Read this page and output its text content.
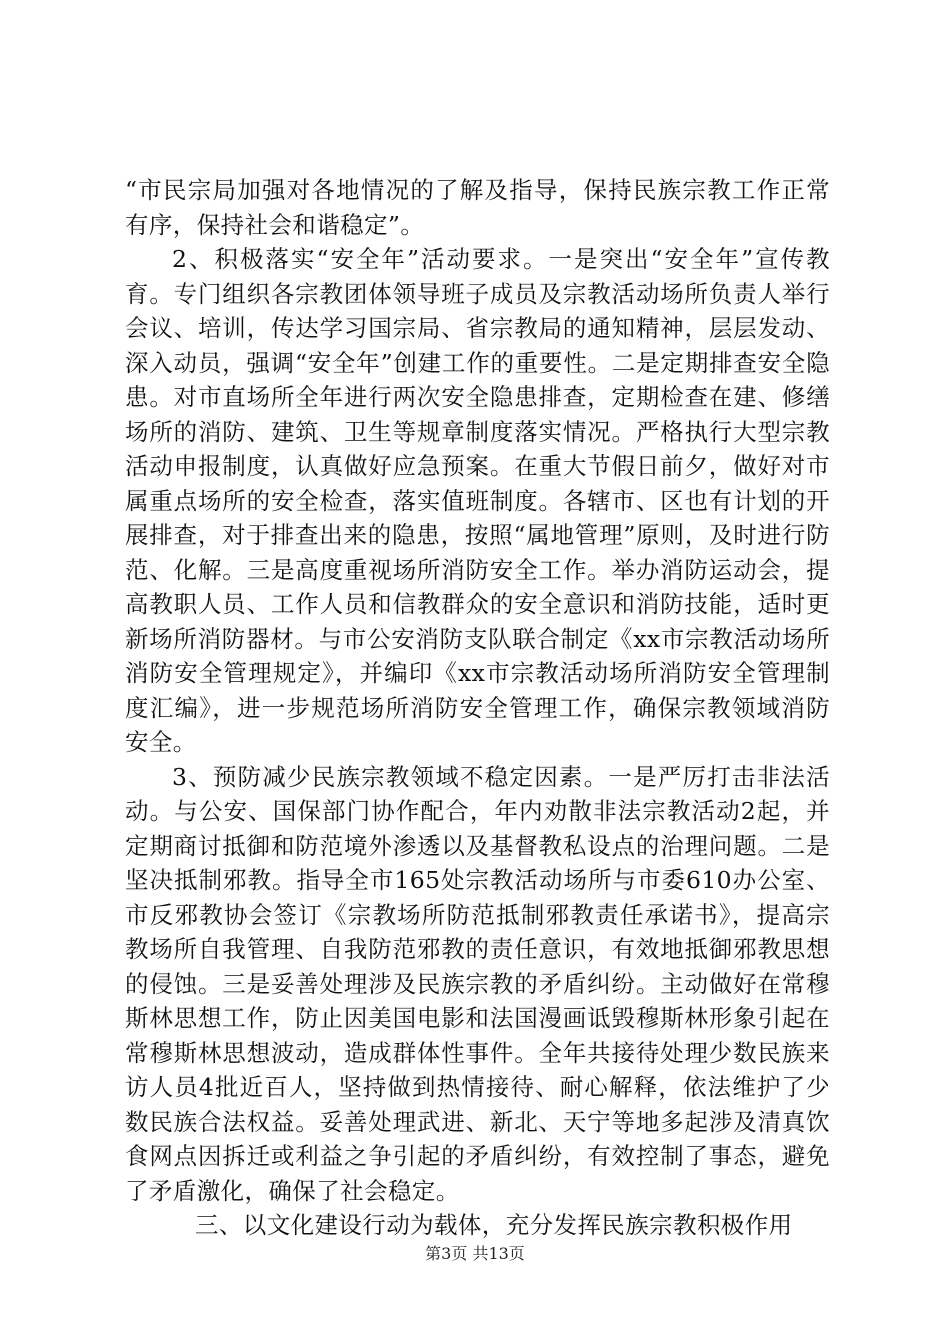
“市民宗局加强对各地情况的了解及指导，保持民族宗教工作正常有序，保持社会和谐稳定”。

2、积极落实“安全年”活动要求。一是突出“安全年”宣传教育。专门组织各宗教团体领导班子成员及宗教活动场所负责人举行会议、培训，传达学习国宗局、省宗教局的通知精神，层层发动、深入动员，强调“安全年”创建工作的重要性。二是定期排查安全隐患。对市直场所全年进行两次安全隐患排查，定期检查在建、修缮场所的消防、建筑、卫生等规章制度落实情况。严格执行大型宗教活动申报制度，认真做好应急预案。在重大节假日前夕，做好对市属重点场所的安全检查，落实值班制度。各辖市、区也有计划的开展排查，对于排查出来的隐患，按照“属地管理”原则，及时进行防范、化解。三是高度重视场所消防安全工作。举办消防运动会，提高教职人员、工作人员和信教群众的安全意识和消防技能，适时更新场所消防器材。与市公安消防支队联合制定《xx市宗教活动场所消防安全管理规定》，并编印《xx市宗教活动场所消防安全管理制度汇编》，进一步规范场所消防安全管理工作，确保宗教领域消防安全。

3、预防减少民族宗教领域不稳定因素。一是严厉打击非法活动。与公安、国保部门协作配合，年内劝散非法宗教活动2起，并定期商讨抵御和防范境外渗透以及基督教私设点的治理问题。二是坚决抵制邪教。指导全市165处宗教活动场所与市委610办公室、市反邪教协会签订《宗教场所防范抵制邪教责任承诺书》，提高宗教场所自我管理、自我防范邪教的责任意识，有效地抵御邪教思想的侵蚀。三是妥善处理涉及民族宗教的矛盾纠纷。主动做好在常穆斯林思想工作，防止因美国电影和法国漫画诋毁穆斯林形象引起在常穆斯林思想波动，造成群体性事件。全年共接待处理少数民族来访人员4批近百人，坚持做到热情接待、耐心解释，依法维护了少数民族合法权益。妥善处理武进、新北、天宁等地多起涉及清真饮食网点因拆迁或利益之争引起的矛盾纠纷，有效控制了事态，避免了矛盾激化，确保了社会稳定。

三、以文化建设行动为载体，充分发挥民族宗教积极作用

第3页 共13页
